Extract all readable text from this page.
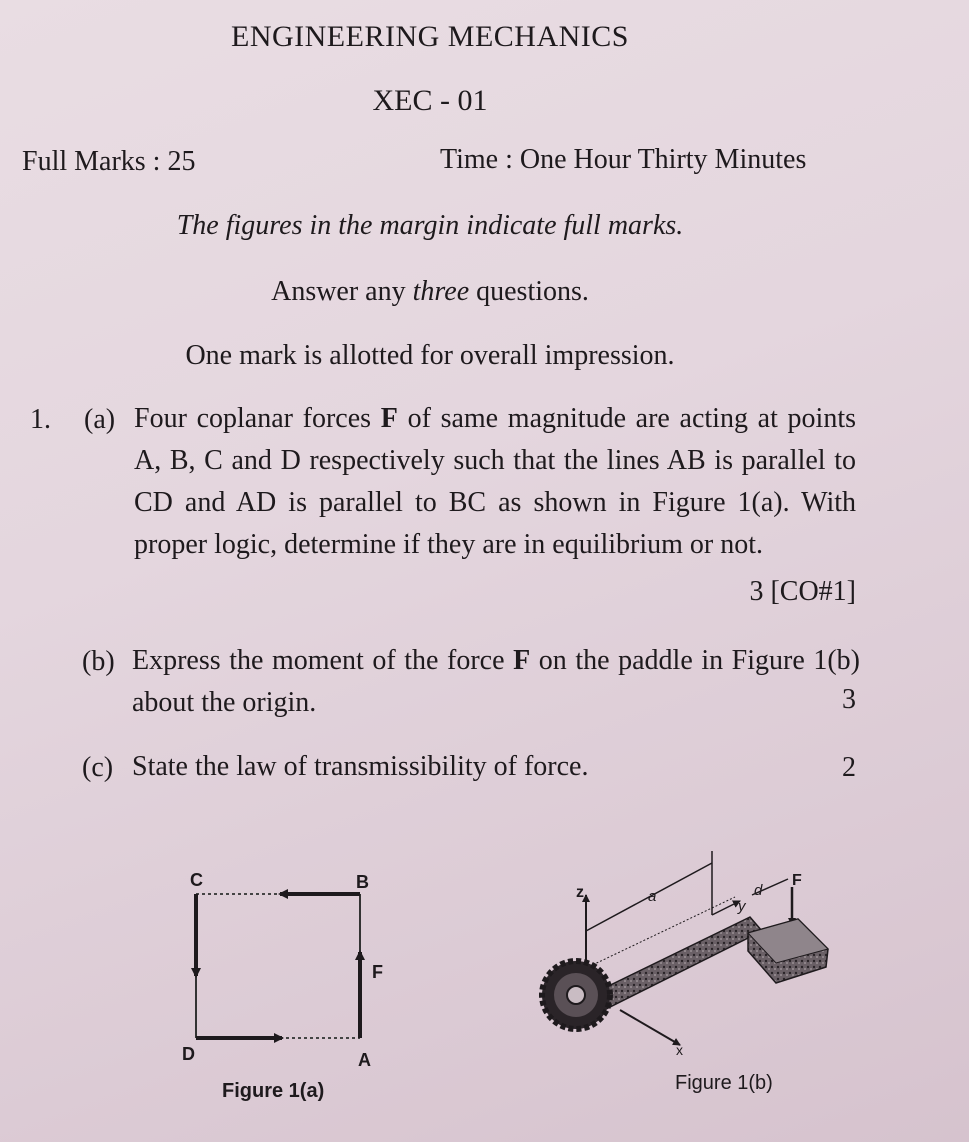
ENGINEERING MECHANICS
XEC - 01
Full Marks : 25	Time : One Hour Thirty Minutes
The figures in the margin indicate full marks.
Answer any three questions.
One mark is allotted for overall impression.
1. (a) Four coplanar forces F of same magnitude are acting at points A, B, C and D respectively such that the lines AB is parallel to CD and AD is parallel to BC as shown in Figure 1(a). With proper logic, determine if they are in equilibrium or not.
3 [CO#1]
(b) Express the moment of the force F on the paddle in Figure 1(b) about the origin.	3
(c) State the law of transmissibility of force.	2
C	B
D	A
F
Figure 1(a)
z
x
a
y
d
F
Figure 1(b)
